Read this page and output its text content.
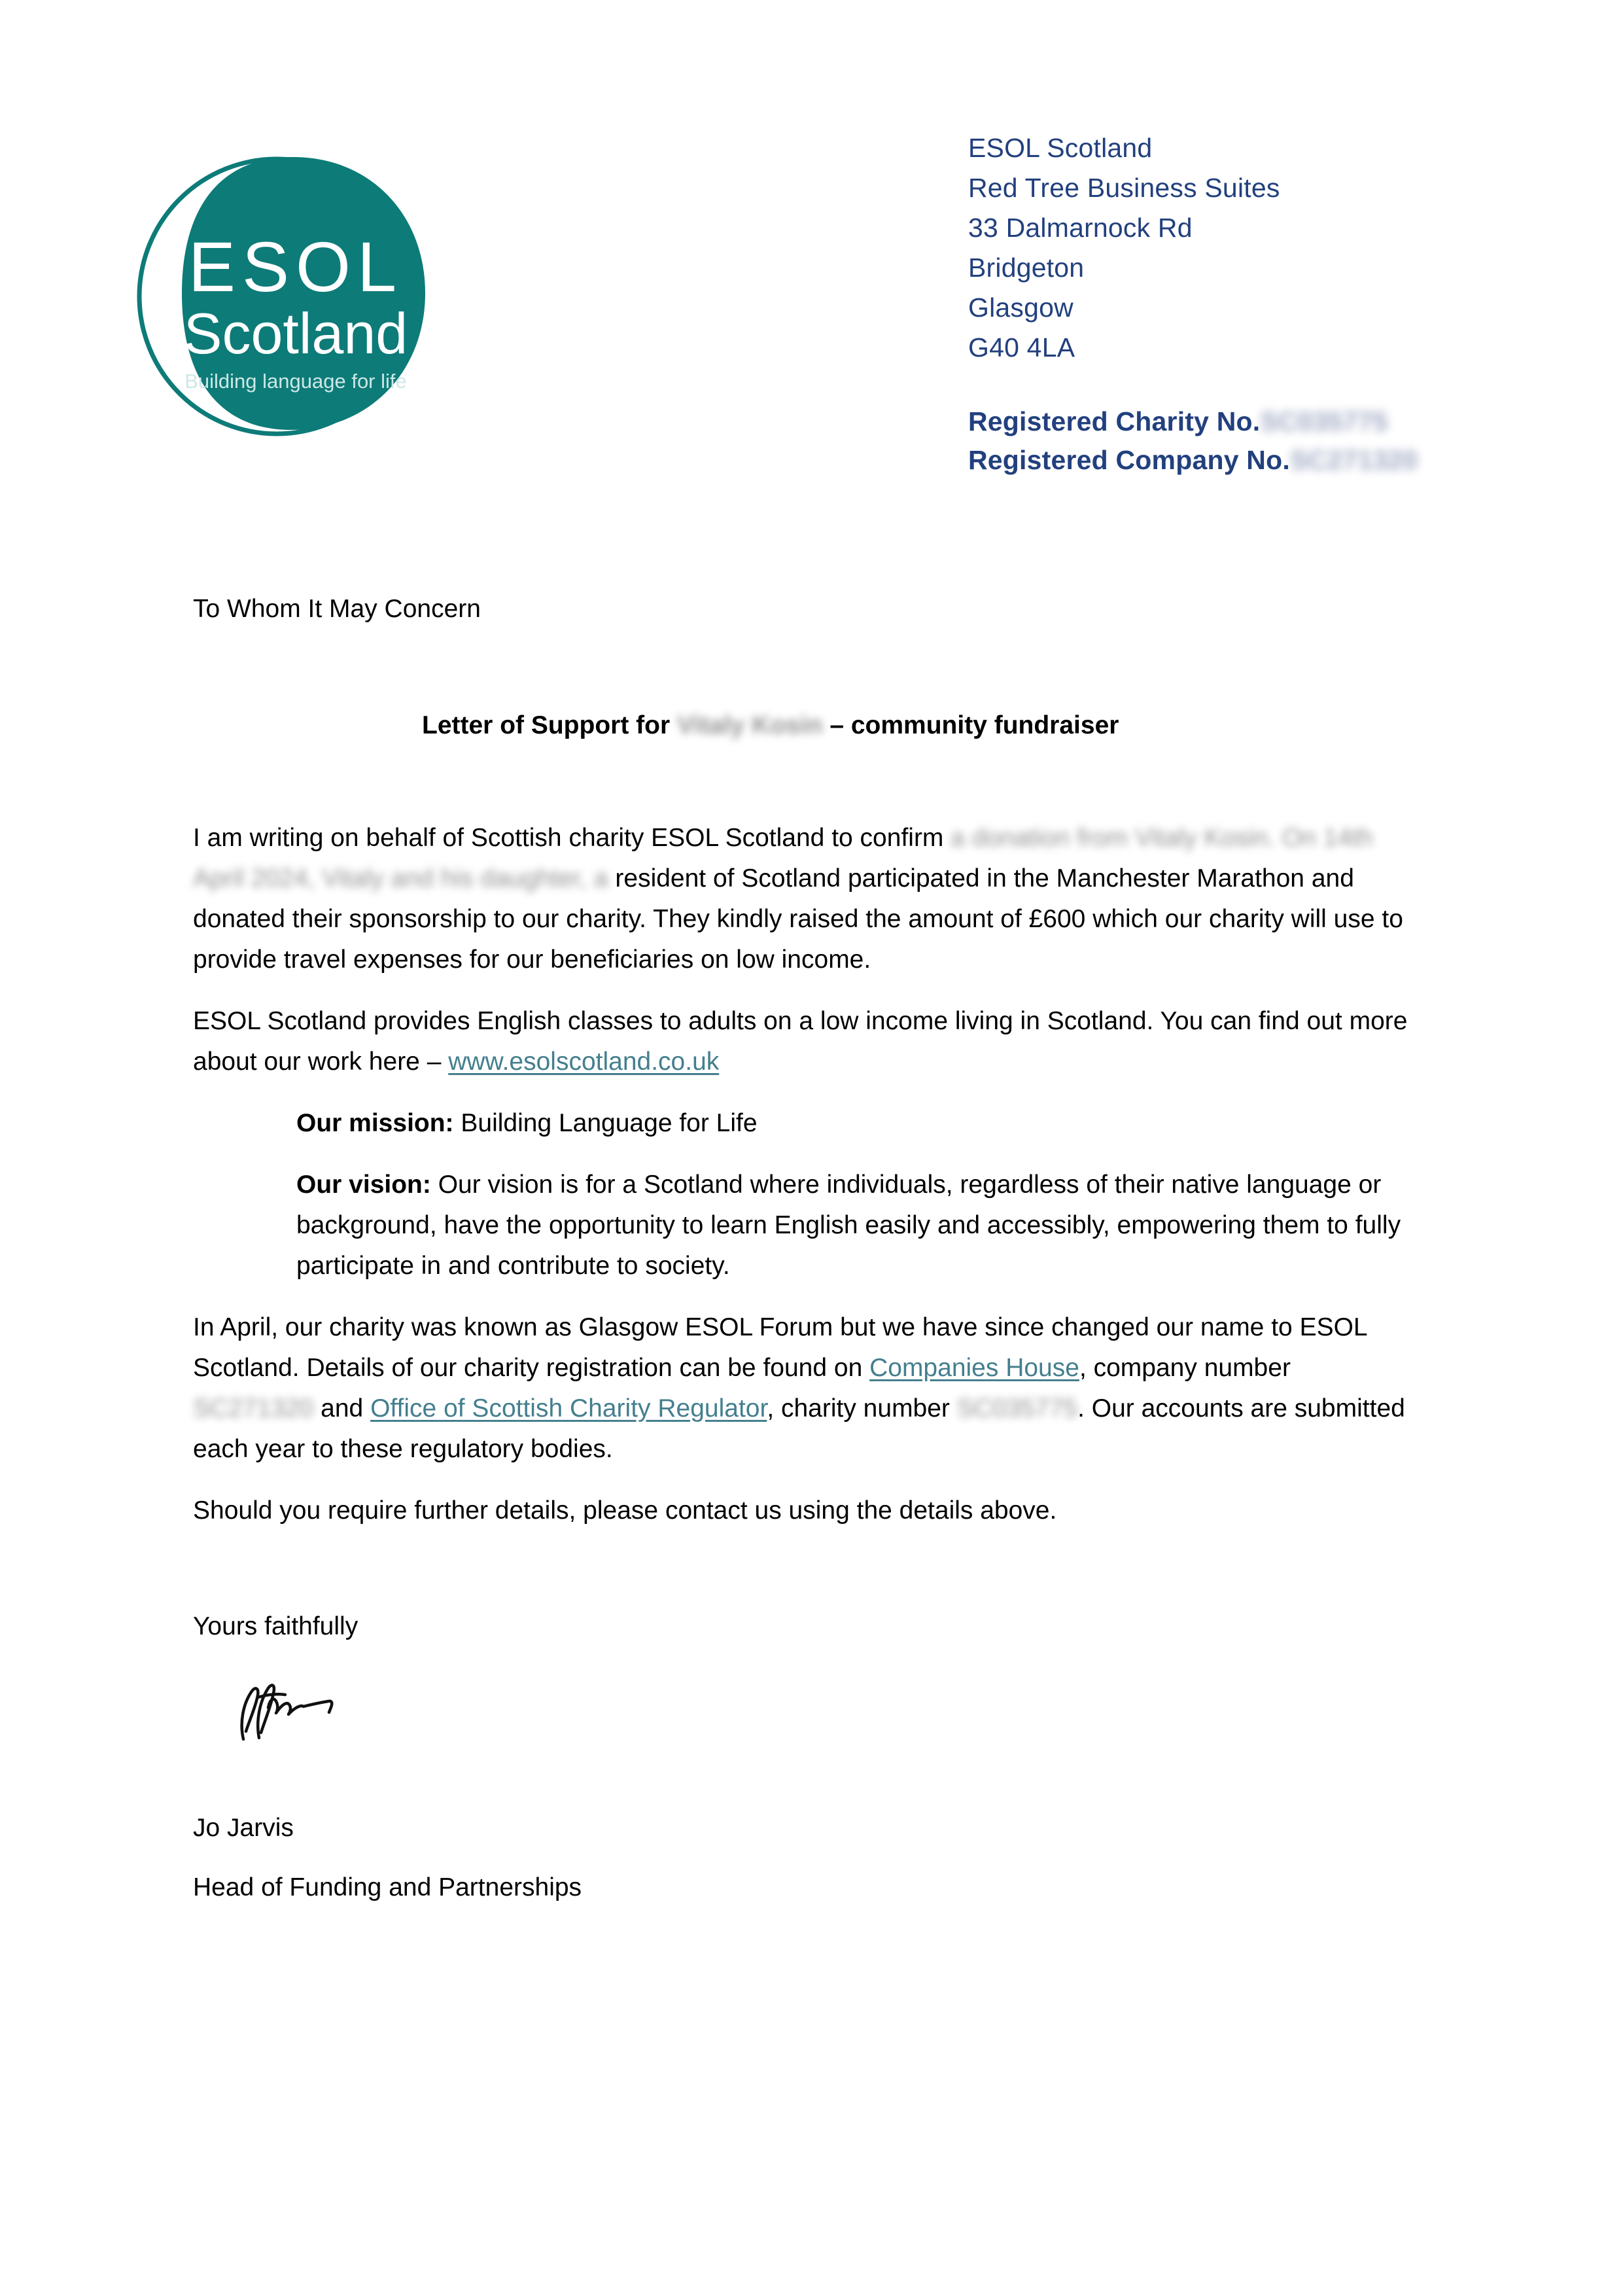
ESOL
Scotland
Building language for life
ESOL Scotland
Red Tree Business Suites
33 Dalmarnock Rd
Bridgeton
Glasgow
G40 4LA
Registered Charity No.SC035775
Registered Company No.SC271320

To Whom It May Concern

Letter of Support for Vitaly Kosin – community fundraiser

I am writing on behalf of Scottish charity ESOL Scotland to confirm a donation from Vitaly Kosin. On 14th April 2024, Vitaly and his daughter, a resident of Scotland participated in the Manchester Marathon and donated their sponsorship to our charity. They kindly raised the amount of £600 which our charity will use to provide travel expenses for our beneficiaries on low income.

ESOL Scotland provides English classes to adults on a low income living in Scotland. You can find out more about our work here – www.esolscotland.co.uk

Our mission: Building Language for Life
Our vision: Our vision is for a Scotland where individuals, regardless of their native language or background, have the opportunity to learn English easily and accessibly, empowering them to fully participate in and contribute to society.

In April, our charity was known as Glasgow ESOL Forum but we have since changed our name to ESOL Scotland. Details of our charity registration can be found on Companies House, company number SC271320 and Office of Scottish Charity Regulator, charity number SC035775. Our accounts are submitted each year to these regulatory bodies.

Should you require further details, please contact us using the details above.

Yours faithfully

Jo Jarvis

Head of Funding and Partnerships
